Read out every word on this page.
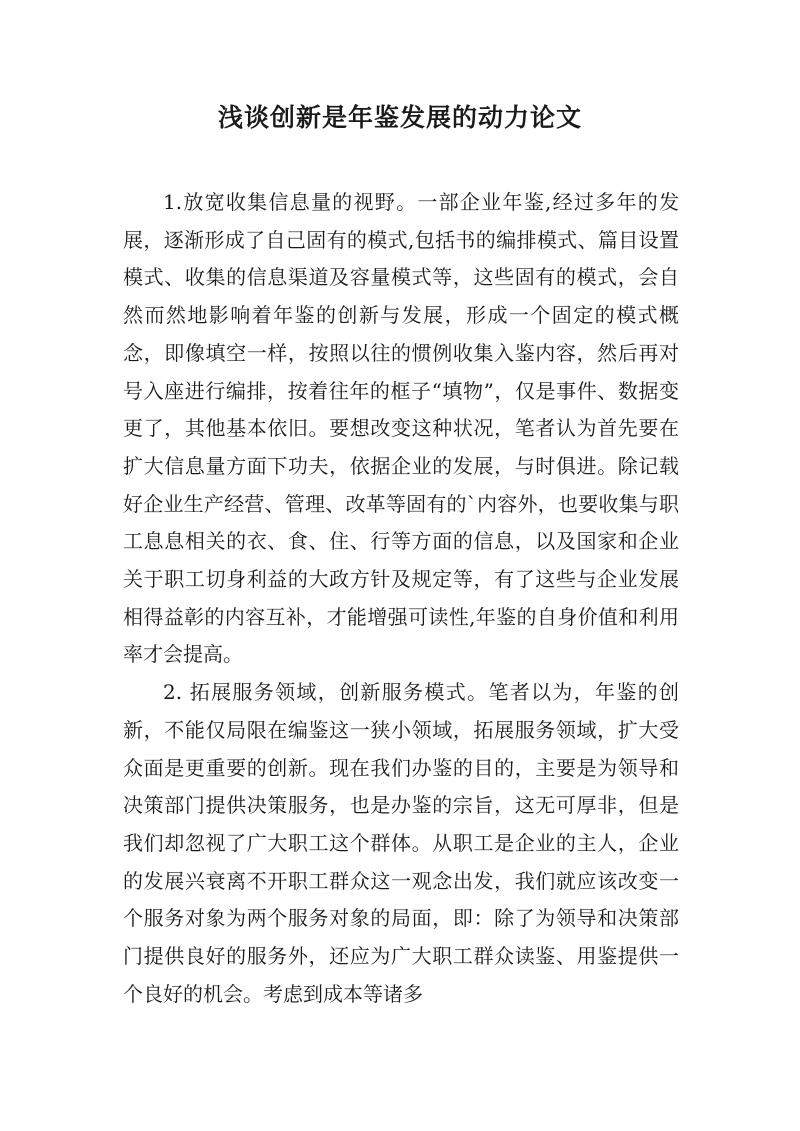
浅谈创新是年鉴发展的动力论文

1.放宽收集信息量的视野。一部企业年鉴,经过多年的发展，逐渐形成了自己固有的模式,包括书的编排模式、篇目设置模式、收集的信息渠道及容量模式等，这些固有的模式，会自然而然地影响着年鉴的创新与发展，形成一个固定的模式概念，即像填空一样，按照以往的惯例收集入鉴内容，然后再对号入座进行编排，按着往年的框子“填物”，仅是事件、数据变更了，其他基本依旧。要想改变这种状况，笔者认为首先要在扩大信息量方面下功夫，依据企业的发展，与时俱进。除记载好企业生产经营、管理、改革等固有的`内容外，也要收集与职工息息相关的衣、食、住、行等方面的信息，以及国家和企业关于职工切身利益的大政方针及规定等，有了这些与企业发展相得益彰的内容互补，才能增强可读性,年鉴的自身价值和利用率才会提高。

2. 拓展服务领域，创新服务模式。笔者以为，年鉴的创新，不能仅局限在编鉴这一狭小领域，拓展服务领域，扩大受众面是更重要的创新。现在我们办鉴的目的，主要是为领导和决策部门提供决策服务，也是办鉴的宗旨，这无可厚非，但是我们却忽视了广大职工这个群体。从职工是企业的主人，企业的发展兴衰离不开职工群众这一观念出发，我们就应该改变一个服务对象为两个服务对象的局面，即：除了为领导和决策部门提供良好的服务外，还应为广大职工群众读鉴、用鉴提供一个良好的机会。考虑到成本等诸多
